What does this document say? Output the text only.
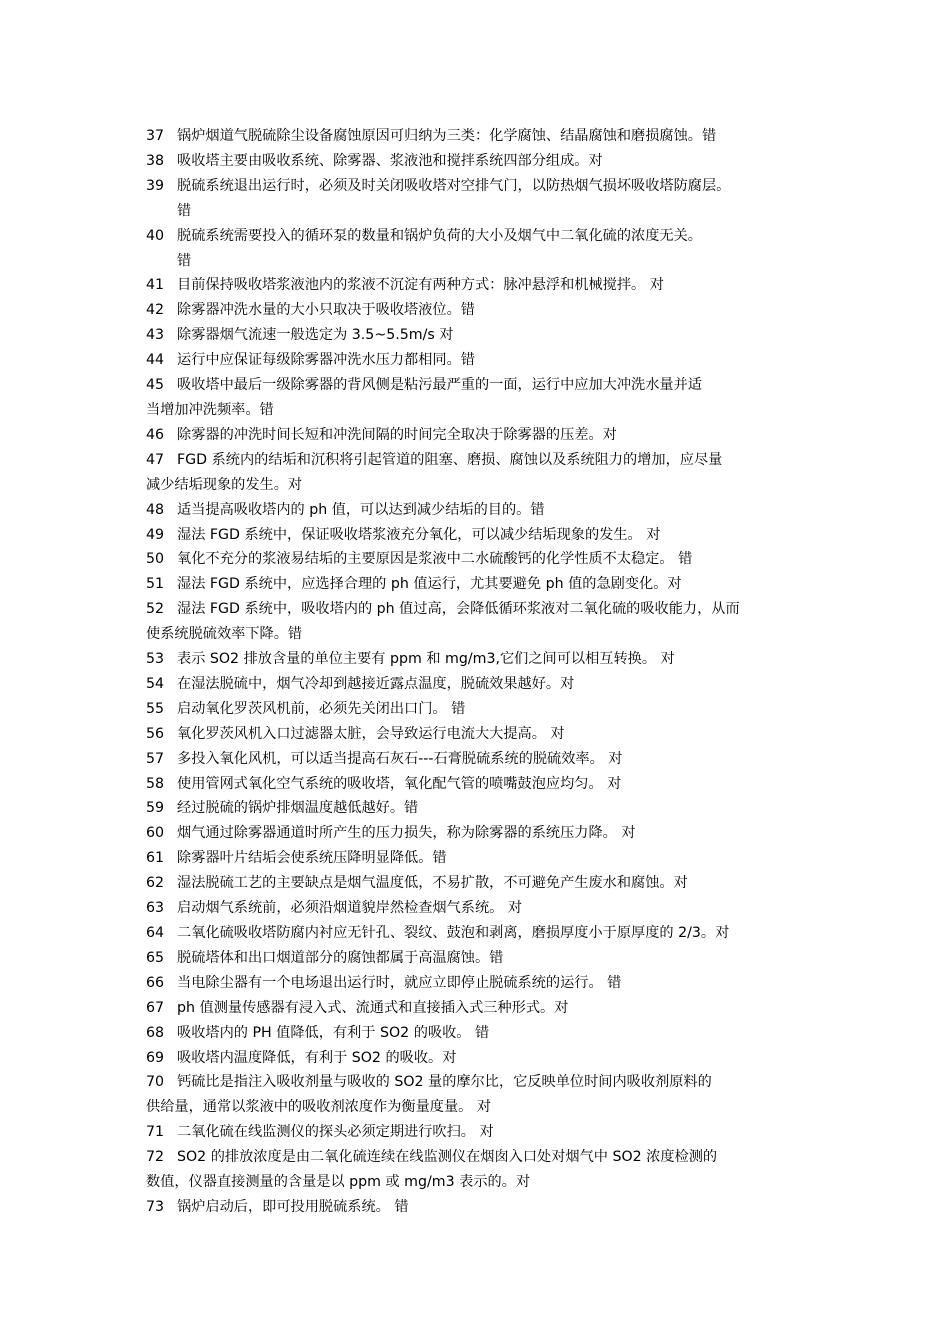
37 锅炉烟道气脱硫除尘设备腐蚀原因可归纳为三类：化学腐蚀、结晶腐蚀和磨损腐蚀。错
38 吸收塔主要由吸收系统、除雾器、浆液池和搅拌系统四部分组成。对
39 脱硫系统退出运行时，必须及时关闭吸收塔对空排气门，以防热烟气损坏吸收塔防腐层。
错
40 脱硫系统需要投入的循环泵的数量和锅炉负荷的大小及烟气中二氧化硫的浓度无关。
错
41 目前保持吸收塔浆液池内的浆液不沉淀有两种方式：脉冲悬浮和机械搅拌。 对
42 除雾器冲洗水量的大小只取决于吸收塔液位。错
43 除雾器烟气流速一般选定为 3.5~5.5m/s 对
44 运行中应保证每级除雾器冲洗水压力都相同。错
45 吸收塔中最后一级除雾器的背风侧是粘污最严重的一面，运行中应加大冲洗水量并适
当增加冲洗频率。错
46 除雾器的冲洗时间长短和冲洗间隔的时间完全取决于除雾器的压差。对
47 FGD 系统内的结垢和沉积将引起管道的阻塞、磨损、腐蚀以及系统阻力的增加，应尽量
减少结垢现象的发生。对
48 适当提高吸收塔内的 ph 值，可以达到减少结垢的目的。错
49 湿法 FGD 系统中，保证吸收塔浆液充分氧化，可以减少结垢现象的发生。 对
50 氧化不充分的浆液易结垢的主要原因是浆液中二水硫酸钙的化学性质不太稳定。 错
51 湿法 FGD 系统中，应选择合理的 ph 值运行，尤其要避免 ph 值的急剧变化。对
52 湿法 FGD 系统中，吸收塔内的 ph 值过高，会降低循环浆液对二氧化硫的吸收能力，从而
使系统脱硫效率下降。错
53 表示 SO2 排放含量的单位主要有 ppm 和 mg/m3,它们之间可以相互转换。 对
54 在湿法脱硫中，烟气冷却到越接近露点温度，脱硫效果越好。对
55 启动氧化罗茨风机前，必须先关闭出口门。 错
56 氧化罗茨风机入口过滤器太脏，会导致运行电流大大提高。 对
57 多投入氧化风机，可以适当提高石灰石---石膏脱硫系统的脱硫效率。 对
58 使用管网式氧化空气系统的吸收塔，氧化配气管的喷嘴鼓泡应均匀。 对
59 经过脱硫的锅炉排烟温度越低越好。错
60 烟气通过除雾器通道时所产生的压力损失，称为除雾器的系统压力降。 对
61 除雾器叶片结垢会使系统压降明显降低。错
62 湿法脱硫工艺的主要缺点是烟气温度低，不易扩散，不可避免产生废水和腐蚀。对
63 启动烟气系统前，必须沿烟道貌岸然检查烟气系统。 对
64 二氧化硫吸收塔防腐内衬应无针孔、裂纹、鼓泡和剥离，磨损厚度小于原厚度的 2/3。对
65 脱硫塔体和出口烟道部分的腐蚀都属于高温腐蚀。错
66 当电除尘器有一个电场退出运行时，就应立即停止脱硫系统的运行。 错
67 ph 值测量传感器有浸入式、流通式和直接插入式三种形式。对
68 吸收塔内的 PH 值降低，有利于 SO2 的吸收。 错
69 吸收塔内温度降低，有利于 SO2 的吸收。对
70 钙硫比是指注入吸收剂量与吸收的 SO2 量的摩尔比，它反映单位时间内吸收剂原料的
供给量，通常以浆液中的吸收剂浓度作为衡量度量。 对
71 二氧化硫在线监测仪的探头必须定期进行吹扫。 对
72 SO2 的排放浓度是由二氧化硫连续在线监测仪在烟囱入口处对烟气中 SO2 浓度检测的
数值，仪器直接测量的含量是以 ppm 或 mg/m3 表示的。对
73 锅炉启动后，即可投用脱硫系统。 错
